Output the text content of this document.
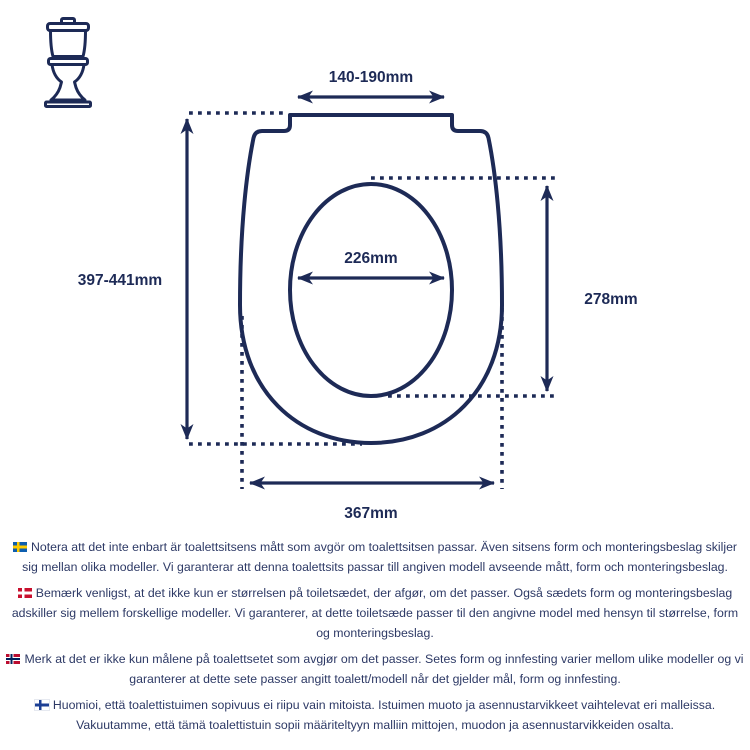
140-190mm
397-441mm
226mm
278mm
367mm

Notera att det inte enbart är toalettsitsens mått som avgör om toalettsitsen passar. Även sitsens form och monteringsbeslag skiljer sig mellan olika modeller. Vi garanterar att denna toalettsits passar till angiven modell avseende mått, form och monteringsbeslag.

Bemærk venligst, at det ikke kun er størrelsen på toiletsædet, der afgør, om det passer. Også sædets form og monteringsbeslag adskiller sig mellem forskellige modeller. Vi garanterer, at dette toiletsæde passer til den angivne model med hensyn til størrelse, form og monteringsbeslag.

Merk at det er ikke kun målene på toalettsetet som avgjør om det passer. Setes form og innfesting varier mellom ulike modeller og vi garanterer at dette sete passer angitt toalett/modell når det gjelder mål, form og innfesting.

Huomioi, että toalettistuimen sopivuus ei riipu vain mitoista. Istuimen muoto ja asennustarvikkeet vaihtelevat eri malleissa. Vakuutamme, että tämä toalettistuin sopii määriteltyyn malliin mittojen, muodon ja asennustarvikkeiden osalta.
